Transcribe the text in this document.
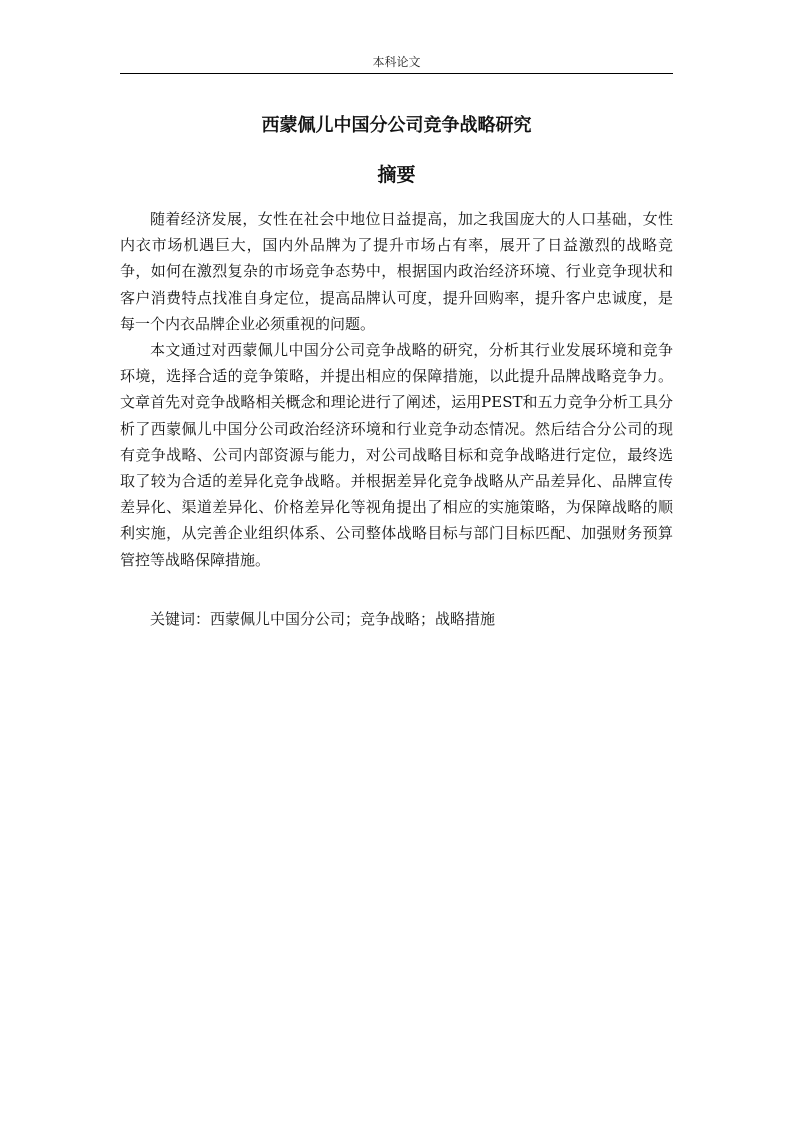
本科论文
西蒙佩儿中国分公司竞争战略研究
摘要

随着经济发展，女性在社会中地位日益提高，加之我国庞大的人口基础，女性内衣市场机遇巨大，国内外品牌为了提升市场占有率，展开了日益激烈的战略竞争，如何在激烈复杂的市场竞争态势中，根据国内政治经济环境、行业竞争现状和客户消费特点找准自身定位，提高品牌认可度，提升回购率，提升客户忠诚度，是每一个内衣品牌企业必须重视的问题。

本文通过对西蒙佩儿中国分公司竞争战略的研究，分析其行业发展环境和竞争环境，选择合适的竞争策略，并提出相应的保障措施，以此提升品牌战略竞争力。文章首先对竞争战略相关概念和理论进行了阐述，运用PEST和五力竞争分析工具分析了西蒙佩儿中国分公司政治经济环境和行业竞争动态情况。然后结合分公司的现有竞争战略、公司内部资源与能力，对公司战略目标和竞争战略进行定位，最终选取了较为合适的差异化竞争战略。并根据差异化竞争战略从产品差异化、品牌宣传差异化、渠道差异化、价格差异化等视角提出了相应的实施策略，为保障战略的顺利实施，从完善企业组织体系、公司整体战略目标与部门目标匹配、加强财务预算管控等战略保障措施。

关键词：西蒙佩儿中国分公司；竞争战略；战略措施
